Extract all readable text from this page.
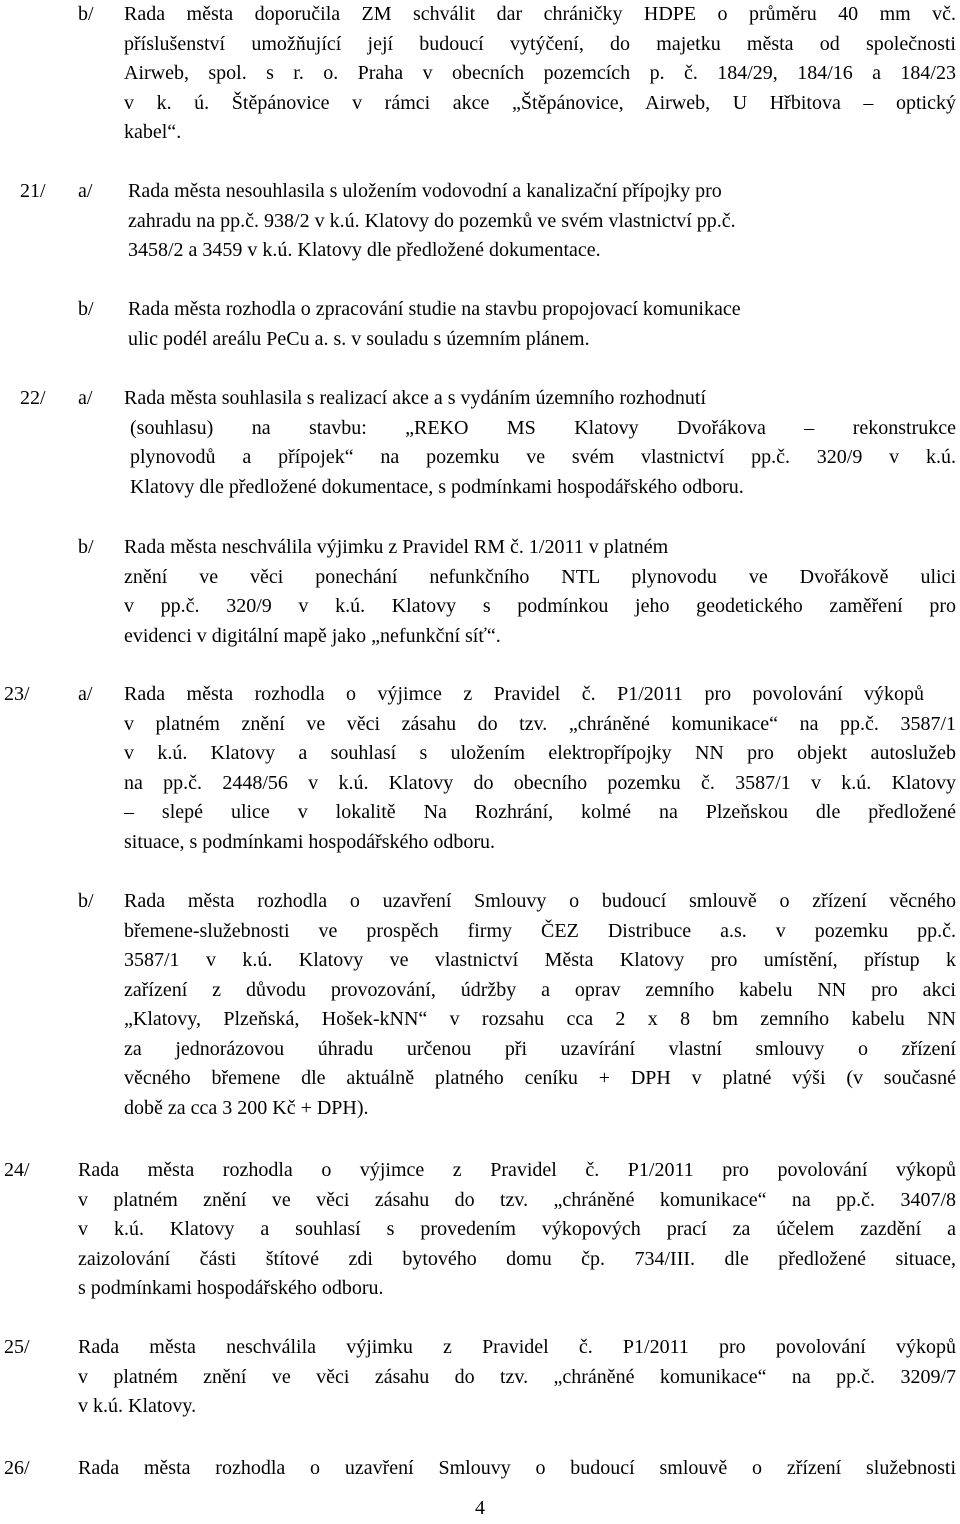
b/ Rada města doporučila ZM schválit dar chráničky HDPE o průměru 40 mm vč.
příslušenství umožňující její budoucí vytýčení, do majetku města od společnosti
Airweb, spol. s r. o. Praha v obecních pozemcích p. č. 184/29, 184/16 a 184/23
v k. ú. Štěpánovice v rámci akce „Štěpánovice, Airweb, U Hřbitova – optický
kabel“.
21/ a/ Rada města nesouhlasila s uložením vodovodní a kanalizační přípojky pro
zahradu na pp.č. 938/2 v k.ú. Klatovy do pozemků ve svém vlastnictví pp.č.
3458/2 a 3459 v k.ú. Klatovy dle předložené dokumentace.
b/ Rada města rozhodla o zpracování studie na stavbu propojovací komunikace
ulic podél areálu PeCu a. s. v souladu s územním plánem.
22/ a/ Rada města souhlasila s realizací akce a s vydáním územního rozhodnutí
(souhlasu) na stavbu: „REKO MS Klatovy Dvořákova – rekonstrukce
plynovodů a přípojek“ na pozemku ve svém vlastnictví pp.č. 320/9 v k.ú.
Klatovy dle předložené dokumentace, s podmínkami hospodářského odboru.
b/ Rada města neschválila výjimku z Pravidel RM č. 1/2011 v platném
znění ve věci ponechání nefunkčního NTL plynovodu ve Dvořákově ulici
v pp.č. 320/9 v k.ú. Klatovy s podmínkou jeho geodetického zaměření pro
evidenci v digitální mapě jako „nefunkční síť“.
23/ a/ Rada města rozhodla o výjimce z Pravidel č. P1/2011 pro povolování výkopů
v platném znění ve věci zásahu do tzv. „chráněné komunikace“ na pp.č. 3587/1
v k.ú. Klatovy a souhlasí s uložením elektropřípojky NN pro objekt autoslužeb
na pp.č. 2448/56 v k.ú. Klatovy do obecního pozemku č. 3587/1 v k.ú. Klatovy
– slepé ulice v lokalitě Na Rozhrání, kolmé na Plzeňskou dle předložené
situace, s podmínkami hospodářského odboru.
b/ Rada města rozhodla o uzavření Smlouvy o budoucí smlouvě o zřízení věcného
břemene-služebnosti ve prospěch firmy ČEZ Distribuce a.s. v pozemku pp.č.
3587/1 v k.ú. Klatovy ve vlastnictví Města Klatovy pro umístění, přístup k
zařízení z důvodu provozování, údržby a oprav zemního kabelu NN pro akci
„Klatovy, Plzeňská, Hošek-kNN“ v rozsahu cca 2 x 8 bm zemního kabelu NN
za jednorázovou úhradu určenou při uzavírání vlastní smlouvy o zřízení
věcného břemene dle aktuálně platného ceníku + DPH v platné výši (v současné
době za cca 3 200 Kč + DPH).
24/ Rada města rozhodla o výjimce z Pravidel č. P1/2011 pro povolování výkopů
v platném znění ve věci zásahu do tzv. „chráněné komunikace“ na pp.č. 3407/8
v k.ú. Klatovy a souhlasí s provedením výkopových prací za účelem zazdění a
zaizolování části štítové zdi bytového domu čp. 734/III. dle předložené situace,
s podmínkami hospodářského odboru.
25/ Rada města neschválila výjimku z Pravidel č. P1/2011 pro povolování výkopů
v platném znění ve věci zásahu do tzv. „chráněné komunikace“ na pp.č. 3209/7
v k.ú. Klatovy.
26/ Rada města rozhodla o uzavření Smlouvy o budoucí smlouvě o zřízení služebnosti
4
